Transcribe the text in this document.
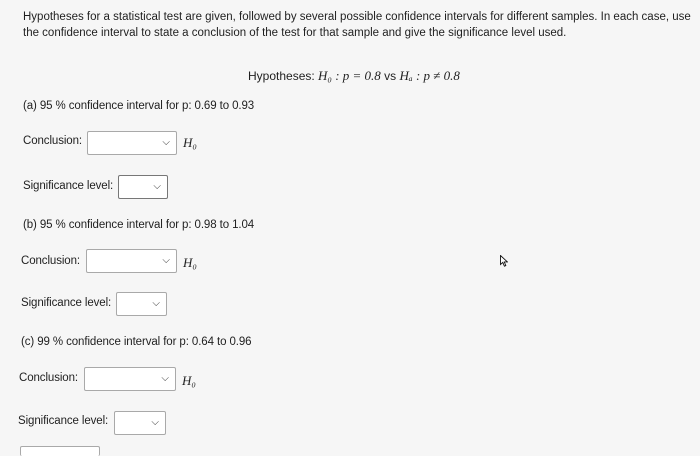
Hypotheses for a statistical test are given, followed by several possible confidence intervals for different samples. In each case, use the confidence interval to state a conclusion of the test for that sample and give the significance level used.
Hypotheses: H₀ : p = 0.8 vs Hₐ : p ≠ 0.8
(a) 95 % confidence interval for p: 0.69 to 0.93
Conclusion:	⌵ H₀
Significance level:	⌵
(b) 95 % confidence interval for p: 0.98 to 1.04
Conclusion:	⌵ H₀
Significance level:	⌵
(c) 99 % confidence interval for p: 0.64 to 0.96
Conclusion:	⌵ H₀
Significance level:	⌵
